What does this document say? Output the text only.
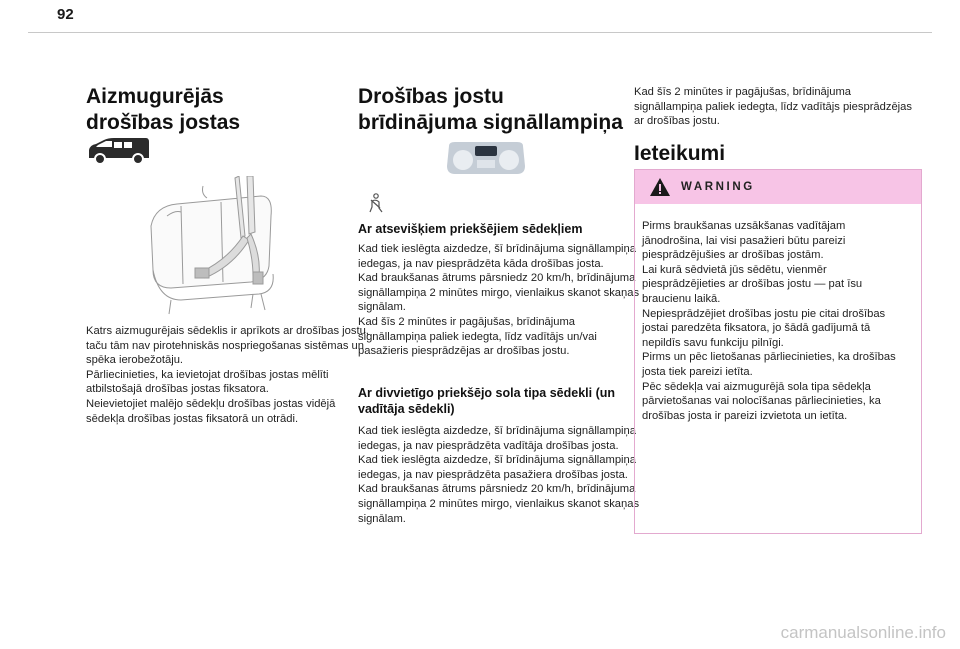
92
Aizmugurējās drošības jostas

Katrs aizmugurējais sēdeklis ir aprīkots ar drošības jostu, taču tām nav pirotehniskās nospriegošanas sistēmas un spēka ierobežotāju.
Pārliecinieties, ka ievietojat drošības jostas mēlīti atbilstošajā drošības jostas fiksatora.
Neievietojiet malējo sēdekļu drošības jostas vidējā sēdekļa drošības jostas fiksatorā un otrādi.

Drošības jostu brīdinājuma signāllampiņa
Ar atsevišķiem priekšējiem sēdekļiem

Kad tiek ieslēgta aizdedze, šī brīdinājuma signāllampiņa iedegas, ja nav piesprādzēta kāda drošības josta.
Kad braukšanas ātrums pārsniedz 20 km/h, brīdinājuma signāllampiņa 2 minūtes mirgo, vienlaikus skanot skaņas signālam.
Kad šīs 2 minūtes ir pagājušas, brīdinājuma signāllampiņa paliek iedegta, līdz vadītājs un/vai pasažieris piesprādzējas ar drošības jostu.

Ar divvietīgo priekšējo sola tipa sēdekli (un vadītāja sēdekli)

Kad tiek ieslēgta aizdedze, šī brīdinājuma signāllampiņa iedegas, ja nav piesprādzēta vadītāja drošības josta.
Kad tiek ieslēgta aizdedze, šī brīdinājuma signāllampiņa iedegas, ja nav piesprādzēta pasažiera drošības josta.
Kad braukšanas ātrums pārsniedz 20 km/h, brīdinājuma signāllampiņa 2 minūtes mirgo, vienlaikus skanot skaņas signālam.

Kad šīs 2 minūtes ir pagājušas, brīdinājuma signāllampiņa paliek iedegta, līdz vadītājs piesprādzējas ar drošības jostu.

Ieteikumi
WARNING

Pirms braukšanas uzsākšanas vadītājam jānodrošina, lai visi pasažieri būtu pareizi piesprādzējušies ar drošības jostām.
Lai kurā sēdvietā jūs sēdētu, vienmēr piesprādzējieties ar drošības jostu — pat īsu braucienu laikā.
Nepiesprādzējiet drošības jostu pie citai drošības jostai paredzēta fiksatora, jo šādā gadījumā tā nepildīs savu funkciju pilnīgi.
Pirms un pēc lietošanas pārliecinieties, ka drošības josta tiek pareizi ietīta.
Pēc sēdekļa vai aizmugurējā sola tipa sēdekļa pārvietošanas vai nolocīšanas pārliecinieties, ka drošības josta ir pareizi izvietota un ietīta.

carmanualsonline.info
